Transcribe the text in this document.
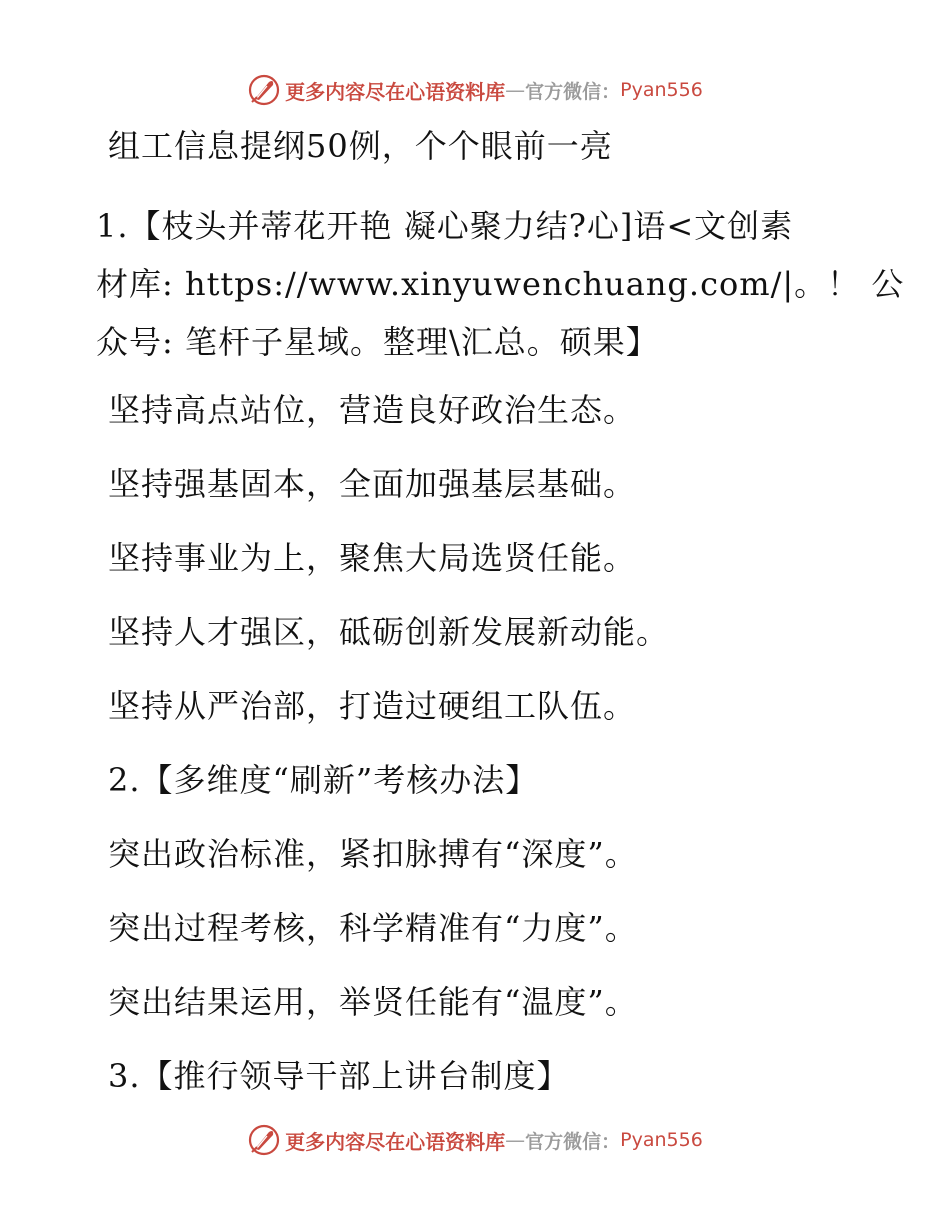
更多内容尽在心语资料库 — 官方微信： Pyan556
组工信息提纲50例，个个眼前一亮
1.【枝头并蒂花开艳 凝心聚力结?心]语<文创素
材库: https://www.xinyuwenchuang.com/|。！ 公
众号: 笔杆子星域。整理\汇总。硕果】
坚持高点站位，营造良好政治生态。
坚持强基固本，全面加强基层基础。
坚持事业为上，聚焦大局选贤任能。
坚持人才强区，砥砺创新发展新动能。
坚持从严治部，打造过硬组工队伍。
2.【多维度“刷新”考核办法】
突出政治标准，紧扣脉搏有“深度”。
突出过程考核，科学精准有“力度”。
突出结果运用，举贤任能有“温度”。
3.【推行领导干部上讲台制度】
更多内容尽在心语资料库 — 官方微信： Pyan556
